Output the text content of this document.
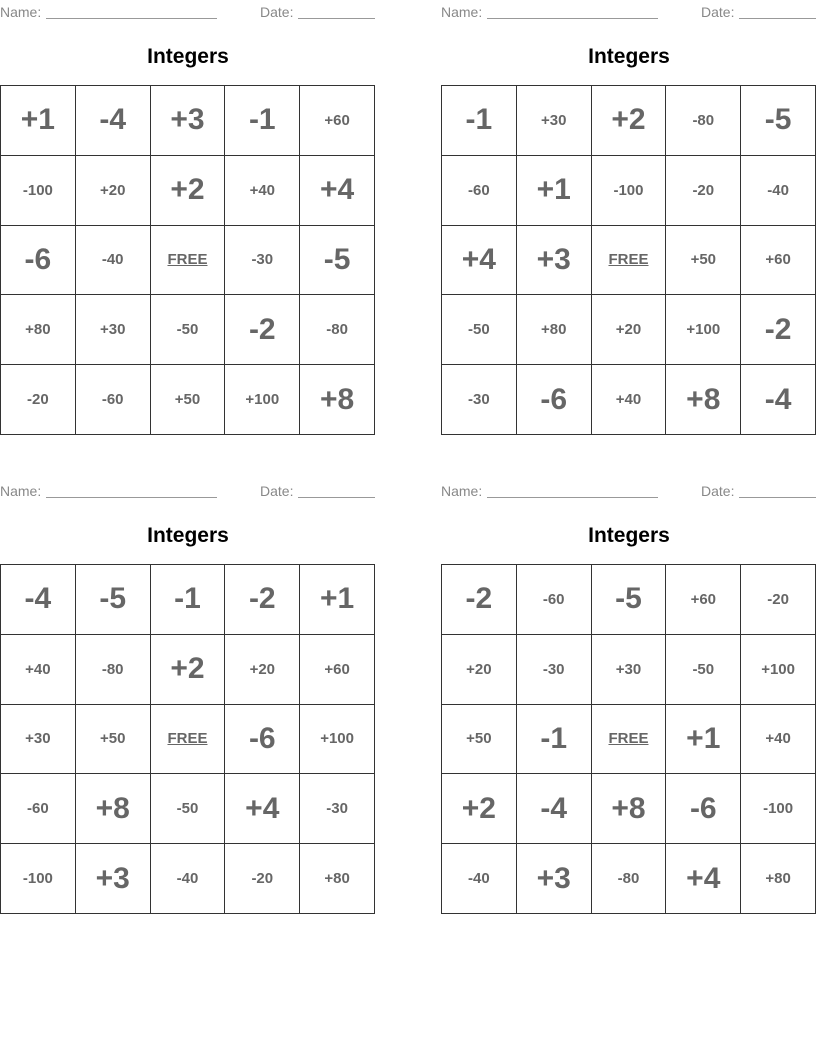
Name:	Date:
Integers
+1	-4	+3	-1	+60
-100	+20	+2	+40	+4
-6	-40	FREE	-30	-5
+80	+30	-50	-2	-80
-20	-60	+50	+100	+8
Name:	Date:
Integers
-1	+30	+2	-80	-5
-60	+1	-100	-20	-40
+4	+3	FREE	+50	+60
-50	+80	+20	+100	-2
-30	-6	+40	+8	-4
Name:	Date:
Integers
-4	-5	-1	-2	+1
+40	-80	+2	+20	+60
+30	+50	FREE	-6	+100
-60	+8	-50	+4	-30
-100	+3	-40	-20	+80
Name:	Date:
Integers
-2	-60	-5	+60	-20
+20	-30	+30	-50	+100
+50	-1	FREE	+1	+40
+2	-4	+8	-6	-100
-40	+3	-80	+4	+80
